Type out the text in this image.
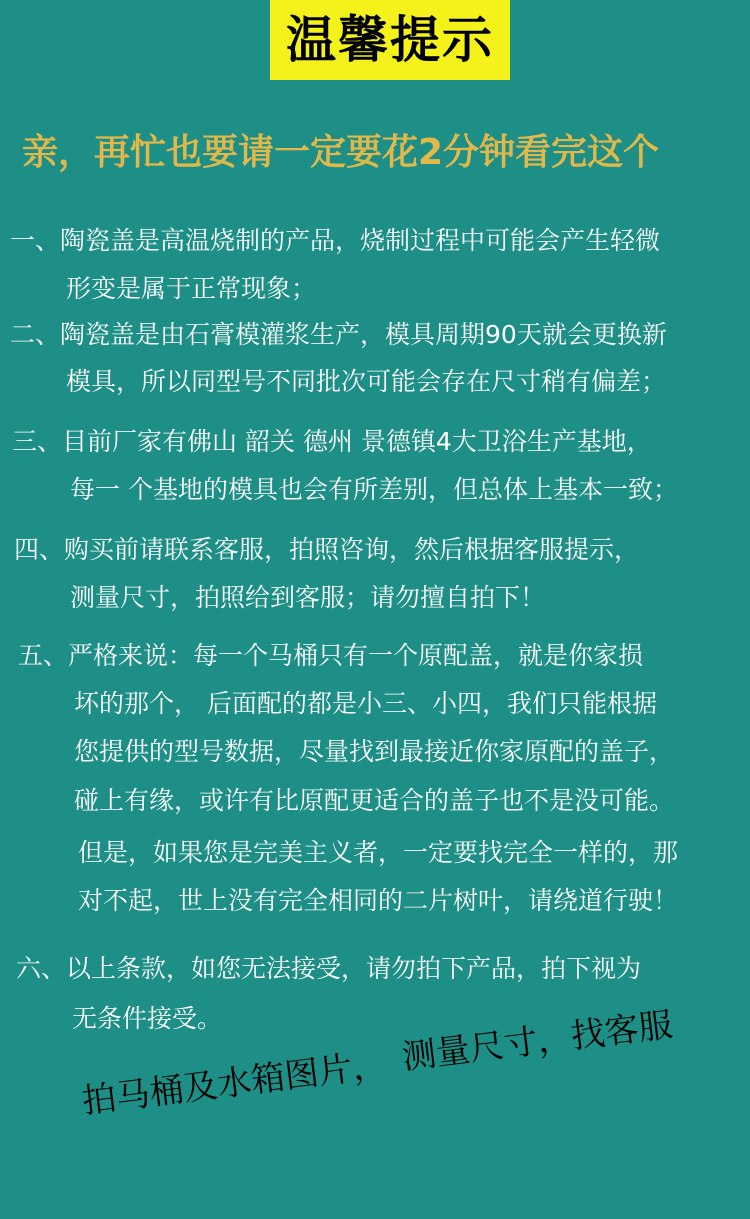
温馨提示
亲，再忙也要请一定要花2分钟看完这个
一、陶瓷盖是高温烧制的产品，烧制过程中可能会产生轻微
形变是属于正常现象；
二、陶瓷盖是由石膏模灌浆生产，模具周期90天就会更换新
模具，所以同型号不同批次可能会存在尺寸稍有偏差；
三、目前厂家有佛山 韶关 德州 景德镇4大卫浴生产基地，
每一 个基地的模具也会有所差别，但总体上基本一致；
四、购买前请联系客服，拍照咨询，然后根据客服提示，
测量尺寸，拍照给到客服；请勿擅自拍下！
五、严格来说：每一个马桶只有一个原配盖，就是你家损
坏的那个， 后面配的都是小三、小四，我们只能根据
您提供的型号数据，尽量找到最接近你家原配的盖子，
碰上有缘，或许有比原配更适合的盖子也不是没可能。
但是，如果您是完美主义者，一定要找完全一样的，那
对不起，世上没有完全相同的二片树叶，请绕道行驶！
六、以上条款，如您无法接受，请勿拍下产品，拍下视为
无条件接受。	测量尺寸，找客服
拍马桶及水箱图片，
